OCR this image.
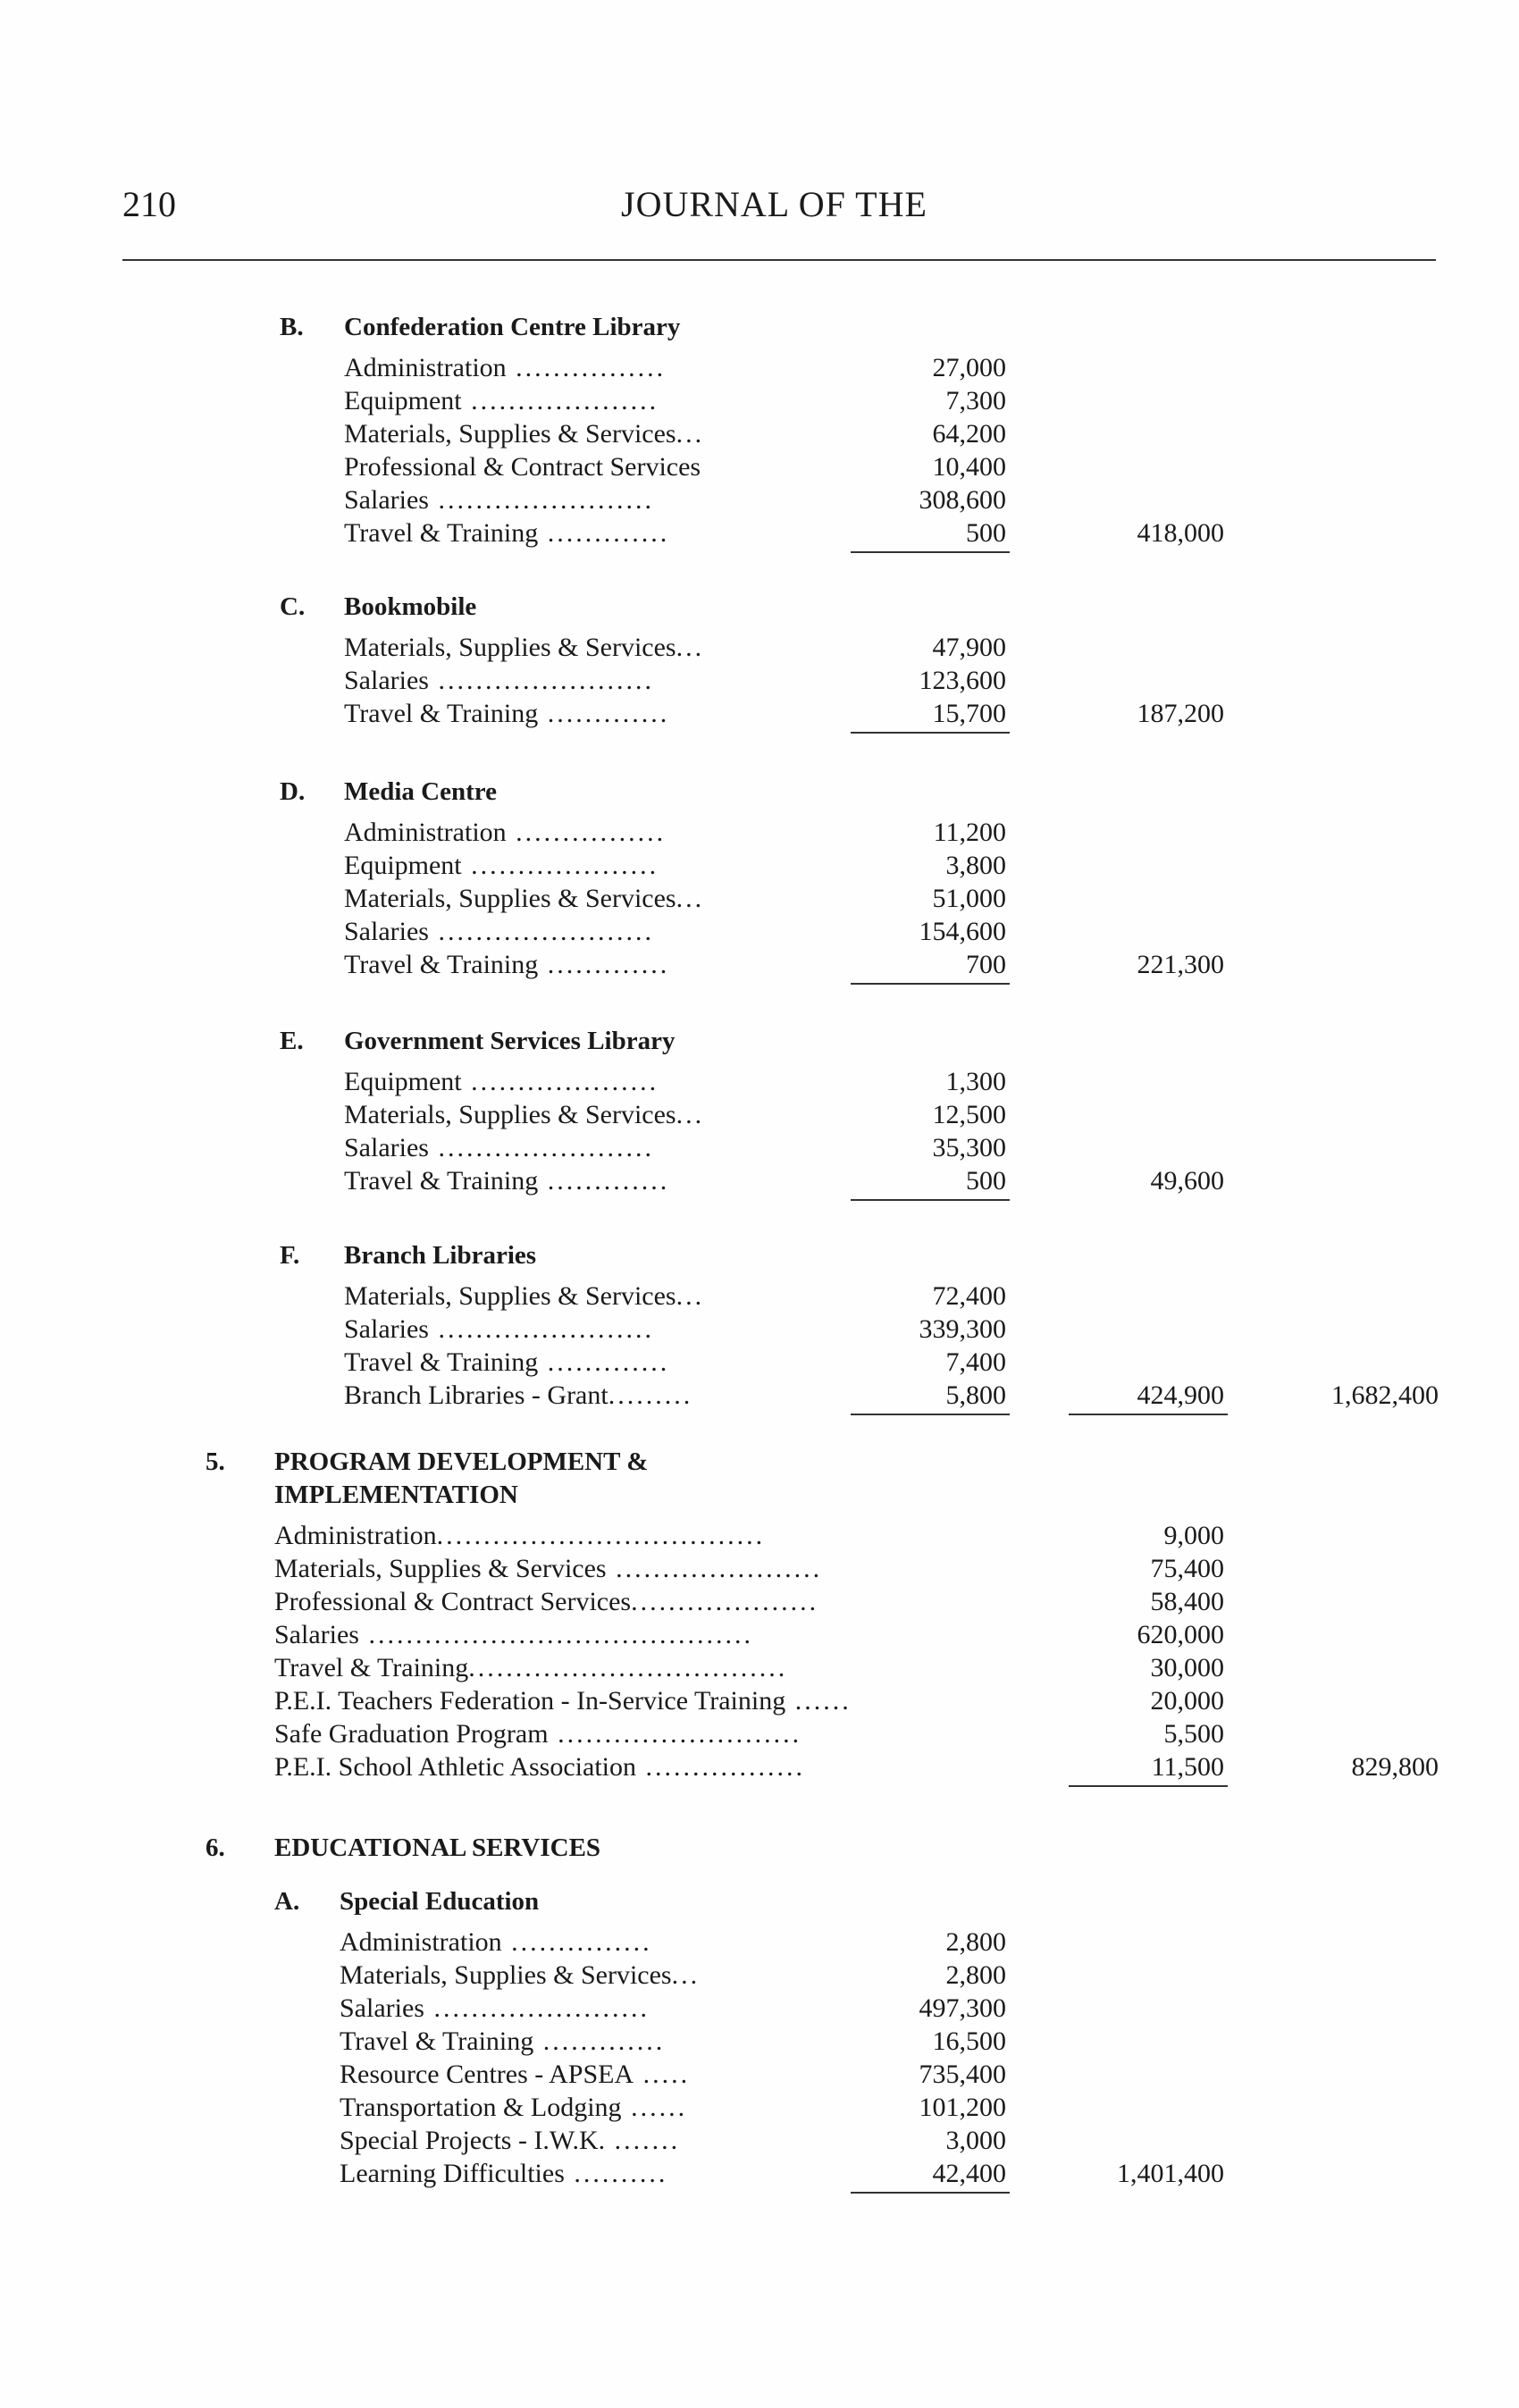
210	JOURNAL OF THE
B. Confederation Centre Library
Administration ................	27,000
Equipment ....................	7,300
Materials, Supplies & Services...	64,200
Professional & Contract Services	10,400
Salaries .......................	308,600
Travel & Training .............	500	418,000
C. Bookmobile
Materials, Supplies & Services...	47,900
Salaries .......................	123,600
Travel & Training .............	15,700	187,200
D. Media Centre
Administration ................	11,200
Equipment ....................	3,800
Materials, Supplies & Services...	51,000
Salaries .......................	154,600
Travel & Training .............	700	221,300
E. Government Services Library
Equipment ....................	1,300
Materials, Supplies & Services...	12,500
Salaries .......................	35,300
Travel & Training .............	500	49,600
F. Branch Libraries
Materials, Supplies & Services...	72,400
Salaries .......................	339,300
Travel & Training .............	7,400
Branch Libraries - Grant.........	5,800	424,900	1,682,400
5. PROGRAM DEVELOPMENT &
IMPLEMENTATION
Administration...................................	9,000
Materials, Supplies & Services ......................	75,400
Professional & Contract Services....................	58,400
Salaries .........................................	620,000
Travel & Training..................................	30,000
P.E.I. Teachers Federation - In-Service Training ......	20,000
Safe Graduation Program ..........................	5,500
P.E.I. School Athletic Association .................	11,500	829,800
6. EDUCATIONAL SERVICES
A. Special Education
Administration ...............	2,800
Materials, Supplies & Services...	2,800
Salaries .......................	497,300
Travel & Training .............	16,500
Resource Centres - APSEA .....	735,400
Transportation & Lodging ......	101,200
Special Projects - I.W.K. .......	3,000
Learning Difficulties ..........	42,400	1,401,400
